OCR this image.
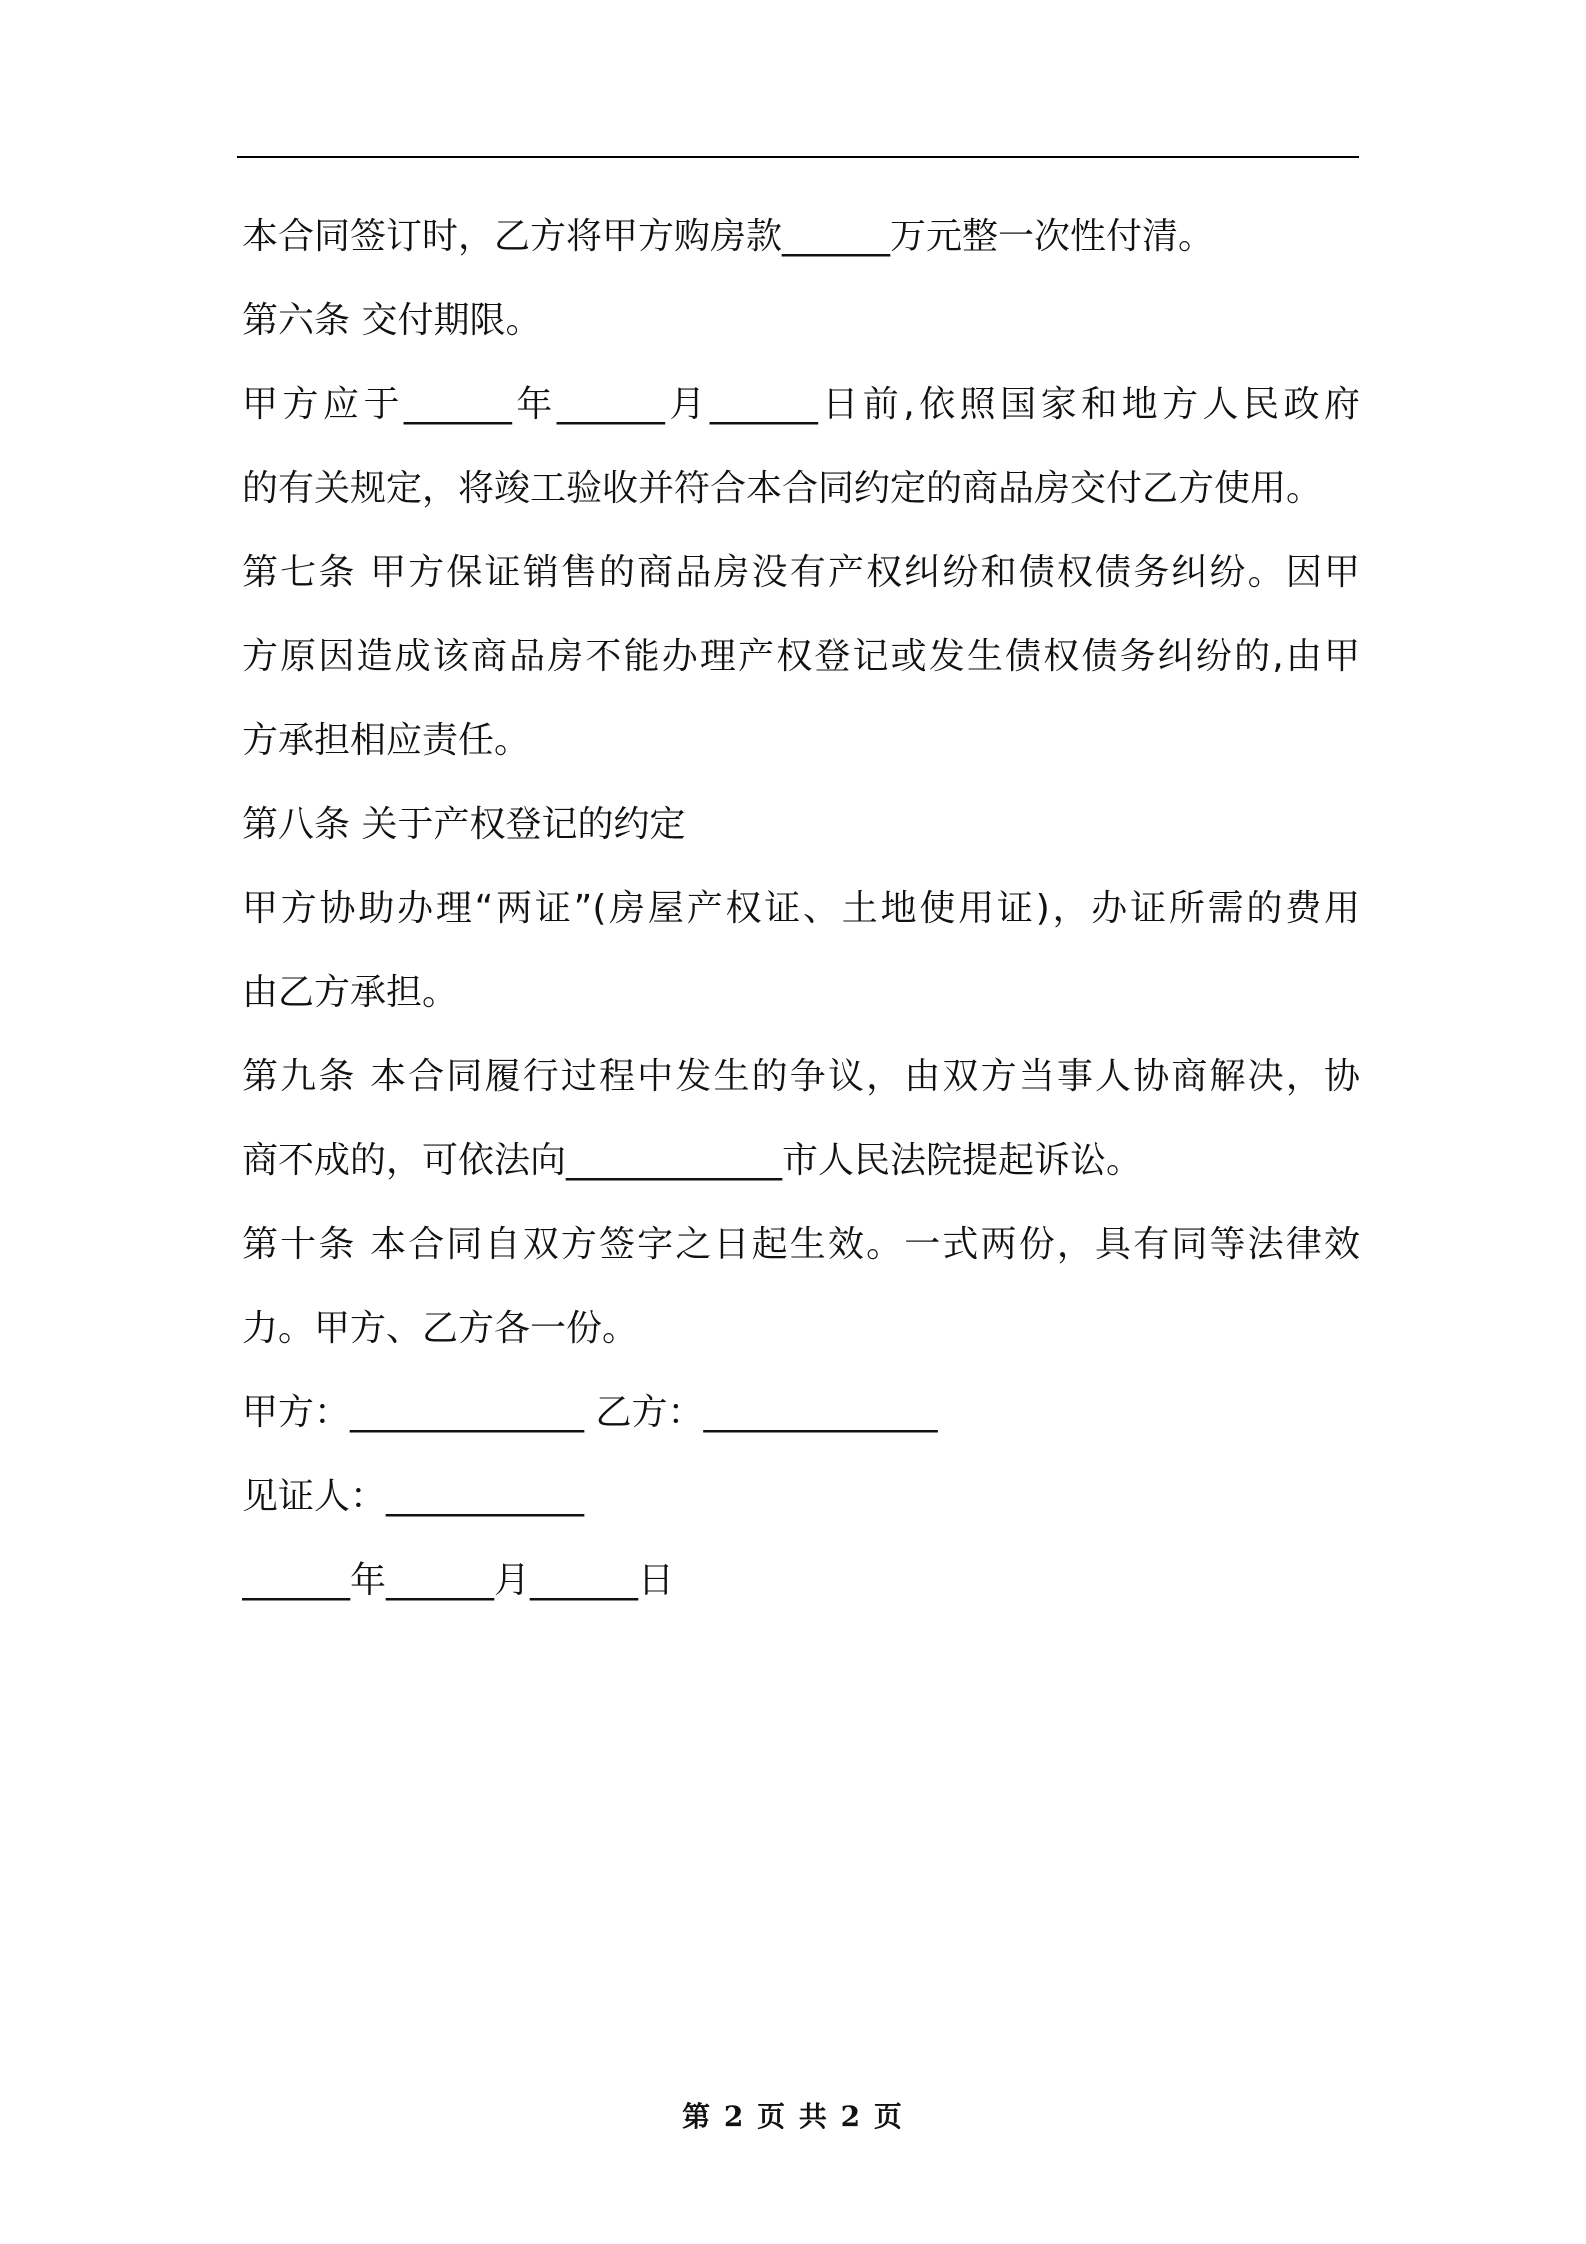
本合同签订时，乙方将甲方购房款______万元整一次性付清。
第六条 交付期限。
甲方应于______年______月______日前,依照国家和地方人民政府
的有关规定，将竣工验收并符合本合同约定的商品房交付乙方使用。
第七条 甲方保证销售的商品房没有产权纠纷和债权债务纠纷。因甲
方原因造成该商品房不能办理产权登记或发生债权债务纠纷的,由甲
方承担相应责任。
第八条 关于产权登记的约定
甲方协助办理“两证”(房屋产权证、土地使用证)，办证所需的费用
由乙方承担。
第九条 本合同履行过程中发生的争议，由双方当事人协商解决，协
商不成的，可依法向____________市人民法院提起诉讼。
第十条 本合同自双方签字之日起生效。一式两份，具有同等法律效
力。甲方、乙方各一份。
甲方：_____________ 乙方：_____________
见证人：___________
______年______月______日
第 2 页 共 2 页
